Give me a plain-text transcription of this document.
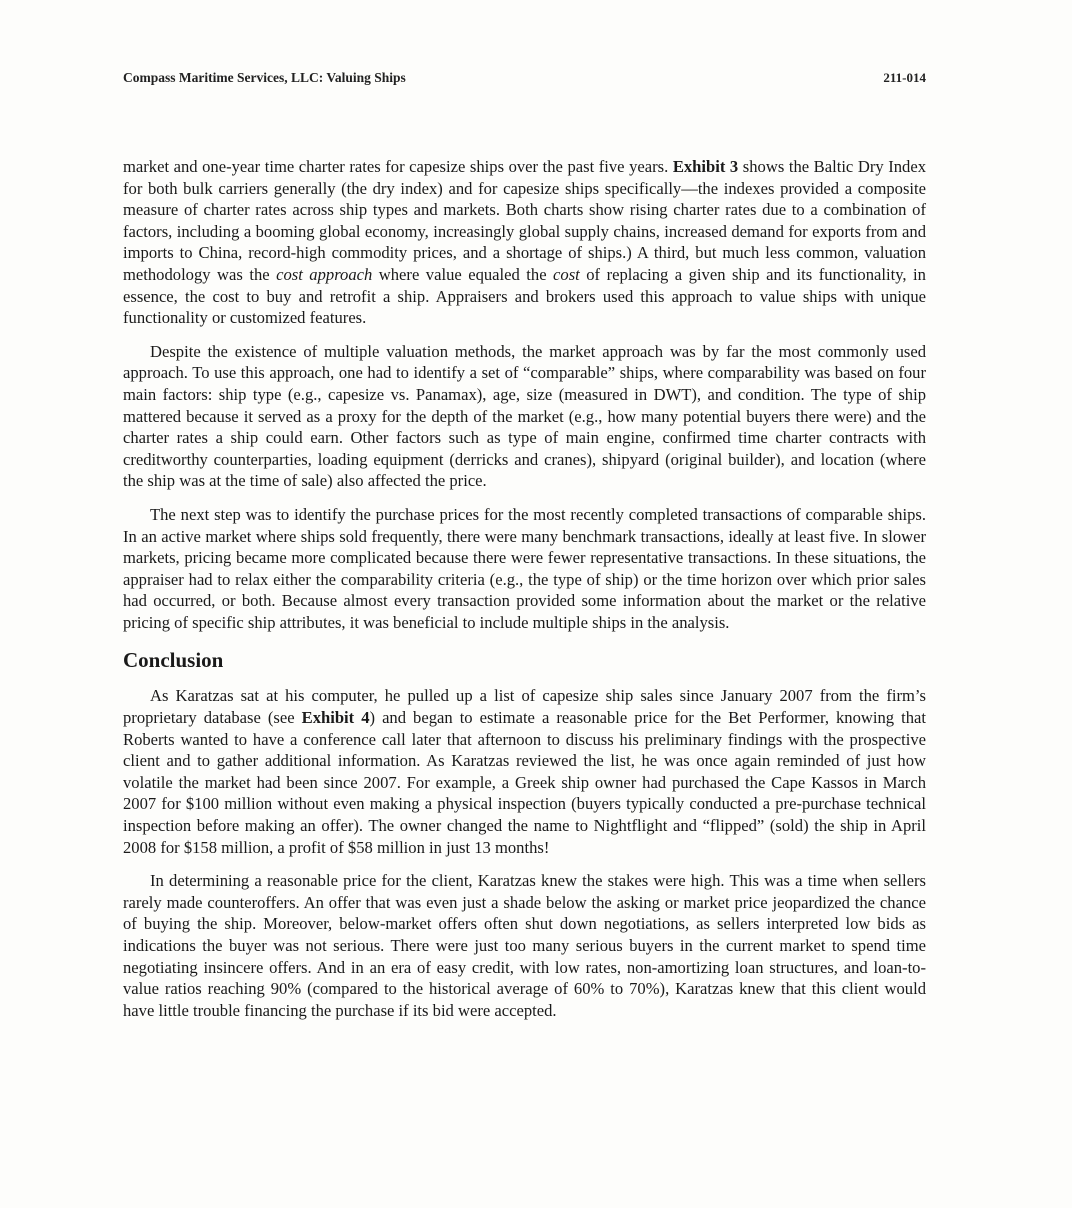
Compass Maritime Services, LLC: Valuing Ships	211-014

market and one-year time charter rates for capesize ships over the past five years. Exhibit 3 shows the Baltic Dry Index for both bulk carriers generally (the dry index) and for capesize ships specifically—the indexes provided a composite measure of charter rates across ship types and markets. Both charts show rising charter rates due to a combination of factors, including a booming global economy, increasingly global supply chains, increased demand for exports from and imports to China, record-high commodity prices, and a shortage of ships.) A third, but much less common, valuation methodology was the cost approach where value equaled the cost of replacing a given ship and its functionality, in essence, the cost to buy and retrofit a ship. Appraisers and brokers used this approach to value ships with unique functionality or customized features.

Despite the existence of multiple valuation methods, the market approach was by far the most commonly used approach. To use this approach, one had to identify a set of “comparable” ships, where comparability was based on four main factors: ship type (e.g., capesize vs. Panamax), age, size (measured in DWT), and condition. The type of ship mattered because it served as a proxy for the depth of the market (e.g., how many potential buyers there were) and the charter rates a ship could earn. Other factors such as type of main engine, confirmed time charter contracts with creditworthy counterparties, loading equipment (derricks and cranes), shipyard (original builder), and location (where the ship was at the time of sale) also affected the price.

The next step was to identify the purchase prices for the most recently completed transactions of comparable ships. In an active market where ships sold frequently, there were many benchmark transactions, ideally at least five. In slower markets, pricing became more complicated because there were fewer representative transactions. In these situations, the appraiser had to relax either the comparability criteria (e.g., the type of ship) or the time horizon over which prior sales had occurred, or both. Because almost every transaction provided some information about the market or the relative pricing of specific ship attributes, it was beneficial to include multiple ships in the analysis.

Conclusion

As Karatzas sat at his computer, he pulled up a list of capesize ship sales since January 2007 from the firm’s proprietary database (see Exhibit 4) and began to estimate a reasonable price for the Bet Performer, knowing that Roberts wanted to have a conference call later that afternoon to discuss his preliminary findings with the prospective client and to gather additional information. As Karatzas reviewed the list, he was once again reminded of just how volatile the market had been since 2007. For example, a Greek ship owner had purchased the Cape Kassos in March 2007 for $100 million without even making a physical inspection (buyers typically conducted a pre-purchase technical inspection before making an offer). The owner changed the name to Nightflight and “flipped” (sold) the ship in April 2008 for $158 million, a profit of $58 million in just 13 months!

In determining a reasonable price for the client, Karatzas knew the stakes were high. This was a time when sellers rarely made counteroffers. An offer that was even just a shade below the asking or market price jeopardized the chance of buying the ship. Moreover, below-market offers often shut down negotiations, as sellers interpreted low bids as indications the buyer was not serious. There were just too many serious buyers in the current market to spend time negotiating insincere offers. And in an era of easy credit, with low rates, non-amortizing loan structures, and loan-to-value ratios reaching 90% (compared to the historical average of 60% to 70%), Karatzas knew that this client would have little trouble financing the purchase if its bid were accepted.
